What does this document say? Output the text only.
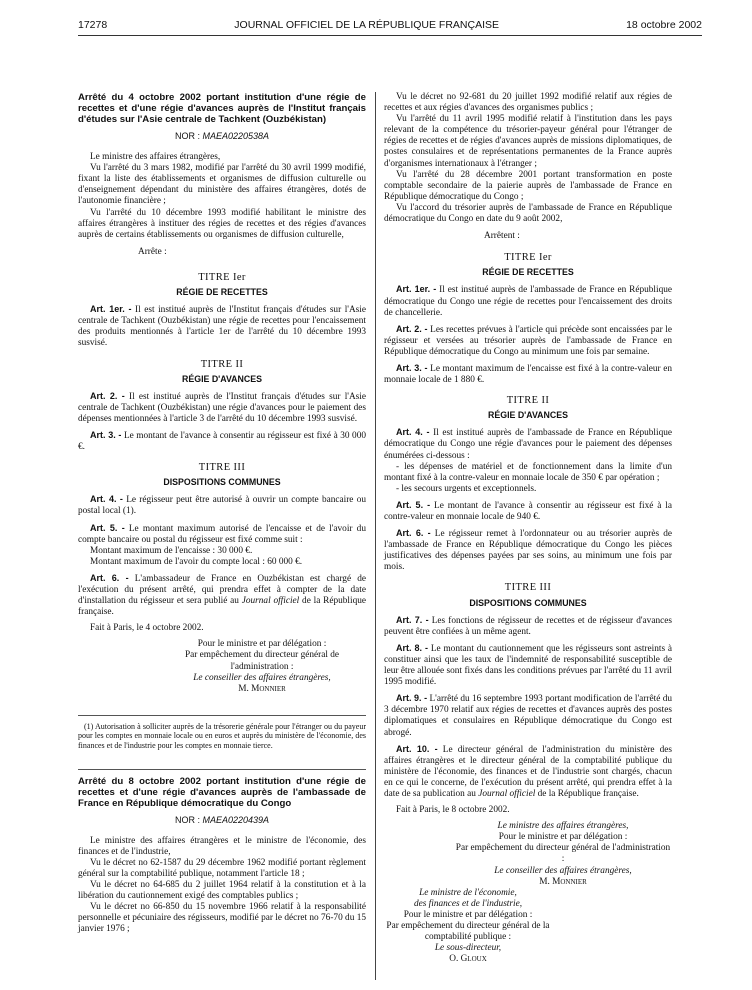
17278	JOURNAL OFFICIEL DE LA RÉPUBLIQUE FRANÇAISE	18 octobre 2002

Arrêté du 4 octobre 2002 portant institution d'une régie de recettes et d'une régie d'avances auprès de l'Institut français d'études sur l'Asie centrale de Tachkent (Ouzbékistan)

NOR : MAEA0220538A

Le ministre des affaires étrangères,

Vu l'arrêté du 3 mars 1982, modifié par l'arrêté du 30 avril 1999 modifié, fixant la liste des établissements et organismes de diffusion culturelle ou d'enseignement dépendant du ministère des affaires étrangères, dotés de l'autonomie financière ;

Vu l'arrêté du 10 décembre 1993 modifié habilitant le ministre des affaires étrangères à instituer des régies de recettes et des régies d'avances auprès de certains établissements ou organismes de diffusion culturelle,

Arrête :

TITRE Ier

RÉGIE DE RECETTES

Art. 1er. - Il est institué auprès de l'Institut français d'études sur l'Asie centrale de Tachkent (Ouzbékistan) une régie de recettes pour l'encaissement des produits mentionnés à l'article 1er de l'arrêté du 10 décembre 1993 susvisé.

TITRE II

RÉGIE D'AVANCES

Art. 2. - Il est institué auprès de l'Institut français d'études sur l'Asie centrale de Tachkent (Ouzbékistan) une régie d'avances pour le paiement des dépenses mentionnées à l'article 3 de l'arrêté du 10 décembre 1993 susvisé.

Art. 3. - Le montant de l'avance à consentir au régisseur est fixé à 30 000 €.

TITRE III

DISPOSITIONS COMMUNES

Art. 4. - Le régisseur peut être autorisé à ouvrir un compte bancaire ou postal local (1).

Art. 5. - Le montant maximum autorisé de l'encaisse et de l'avoir du compte bancaire ou postal du régisseur est fixé comme suit :

Montant maximum de l'encaisse : 30 000 €.

Montant maximum de l'avoir du compte local : 60 000 €.

Art. 6. - L'ambassadeur de France en Ouzbékistan est chargé de l'exécution du présent arrêté, qui prendra effet à compter de la date d'installation du régisseur et sera publié au Journal officiel de la République française.

Fait à Paris, le 4 octobre 2002.

Pour le ministre et par délégation :

Par empêchement du directeur général de l'administration :

Le conseiller des affaires étrangères,

M. Monnier

(1) Autorisation à solliciter auprès de la trésorerie générale pour l'étranger ou du payeur pour les comptes en monnaie locale ou en euros et auprès du ministère de l'économie, des finances et de l'industrie pour les comptes en monnaie tierce.

Arrêté du 8 octobre 2002 portant institution d'une régie de recettes et d'une régie d'avances auprès de l'ambassade de France en République démocratique du Congo

NOR : MAEA0220439A

Le ministre des affaires étrangères et le ministre de l'économie, des finances et de l'industrie,

Vu le décret no 62-1587 du 29 décembre 1962 modifié portant règlement général sur la comptabilité publique, notamment l'article 18 ;

Vu le décret no 64-685 du 2 juillet 1964 relatif à la constitution et à la libération du cautionnement exigé des comptables publics ;

Vu le décret no 66-850 du 15 novembre 1966 relatif à la responsabilité personnelle et pécuniaire des régisseurs, modifié par le décret no 76-70 du 15 janvier 1976 ;

Vu le décret no 92-681 du 20 juillet 1992 modifié relatif aux régies de recettes et aux régies d'avances des organismes publics ;

Vu l'arrêté du 11 avril 1995 modifié relatif à l'institution dans les pays relevant de la compétence du trésorier-payeur général pour l'étranger de régies de recettes et de régies d'avances auprès de missions diplomatiques, de postes consulaires et de représentations permanentes de la France auprès d'organismes internationaux à l'étranger ;

Vu l'arrêté du 28 décembre 2001 portant transformation en poste comptable secondaire de la paierie auprès de l'ambassade de France en République démocratique du Congo ;

Vu l'accord du trésorier auprès de l'ambassade de France en République démocratique du Congo en date du 9 août 2002,

Arrêtent :

TITRE Ier

RÉGIE DE RECETTES

Art. 1er. - Il est institué auprès de l'ambassade de France en République démocratique du Congo une régie de recettes pour l'encaissement des droits de chancellerie.

Art. 2. - Les recettes prévues à l'article qui précède sont encaissées par le régisseur et versées au trésorier auprès de l'ambassade de France en République démocratique du Congo au minimum une fois par semaine.

Art. 3. - Le montant maximum de l'encaisse est fixé à la contre-valeur en monnaie locale de 1 880 €.

TITRE II

RÉGIE D'AVANCES

Art. 4. - Il est institué auprès de l'ambassade de France en République démocratique du Congo une régie d'avances pour le paiement des dépenses énumérées ci-dessous :

- les dépenses de matériel et de fonctionnement dans la limite d'un montant fixé à la contre-valeur en monnaie locale de 350 € par opération ;

- les secours urgents et exceptionnels.

Art. 5. - Le montant de l'avance à consentir au régisseur est fixé à la contre-valeur en monnaie locale de 940 €.

Art. 6. - Le régisseur remet à l'ordonnateur ou au trésorier auprès de l'ambassade de France en République démocratique du Congo les pièces justificatives des dépenses payées par ses soins, au minimum une fois par mois.

TITRE III

DISPOSITIONS COMMUNES

Art. 7. - Les fonctions de régisseur de recettes et de régisseur d'avances peuvent être confiées à un même agent.

Art. 8. - Le montant du cautionnement que les régisseurs sont astreints à constituer ainsi que les taux de l'indemnité de responsabilité susceptible de leur être allouée sont fixés dans les conditions prévues par l'arrêté du 11 avril 1995 modifié.

Art. 9. - L'arrêté du 16 septembre 1993 portant modification de l'arrêté du 3 décembre 1970 relatif aux régies de recettes et d'avances auprès des postes diplomatiques et consulaires en République démocratique du Congo est abrogé.

Art. 10. - Le directeur général de l'administration du ministère des affaires étrangères et le directeur général de la comptabilité publique du ministère de l'économie, des finances et de l'industrie sont chargés, chacun en ce qui le concerne, de l'exécution du présent arrêté, qui prendra effet à la date de sa publication au Journal officiel de la République française.

Fait à Paris, le 8 octobre 2002.

Le ministre des affaires étrangères,

Pour le ministre et par délégation :

Par empêchement du directeur général de l'administration :

Le conseiller des affaires étrangères,

M. Monnier

Le ministre de l'économie,

des finances et de l'industrie,

Pour le ministre et par délégation :

Par empêchement du directeur général de la comptabilité publique :

Le sous-directeur,

O. Gloux
